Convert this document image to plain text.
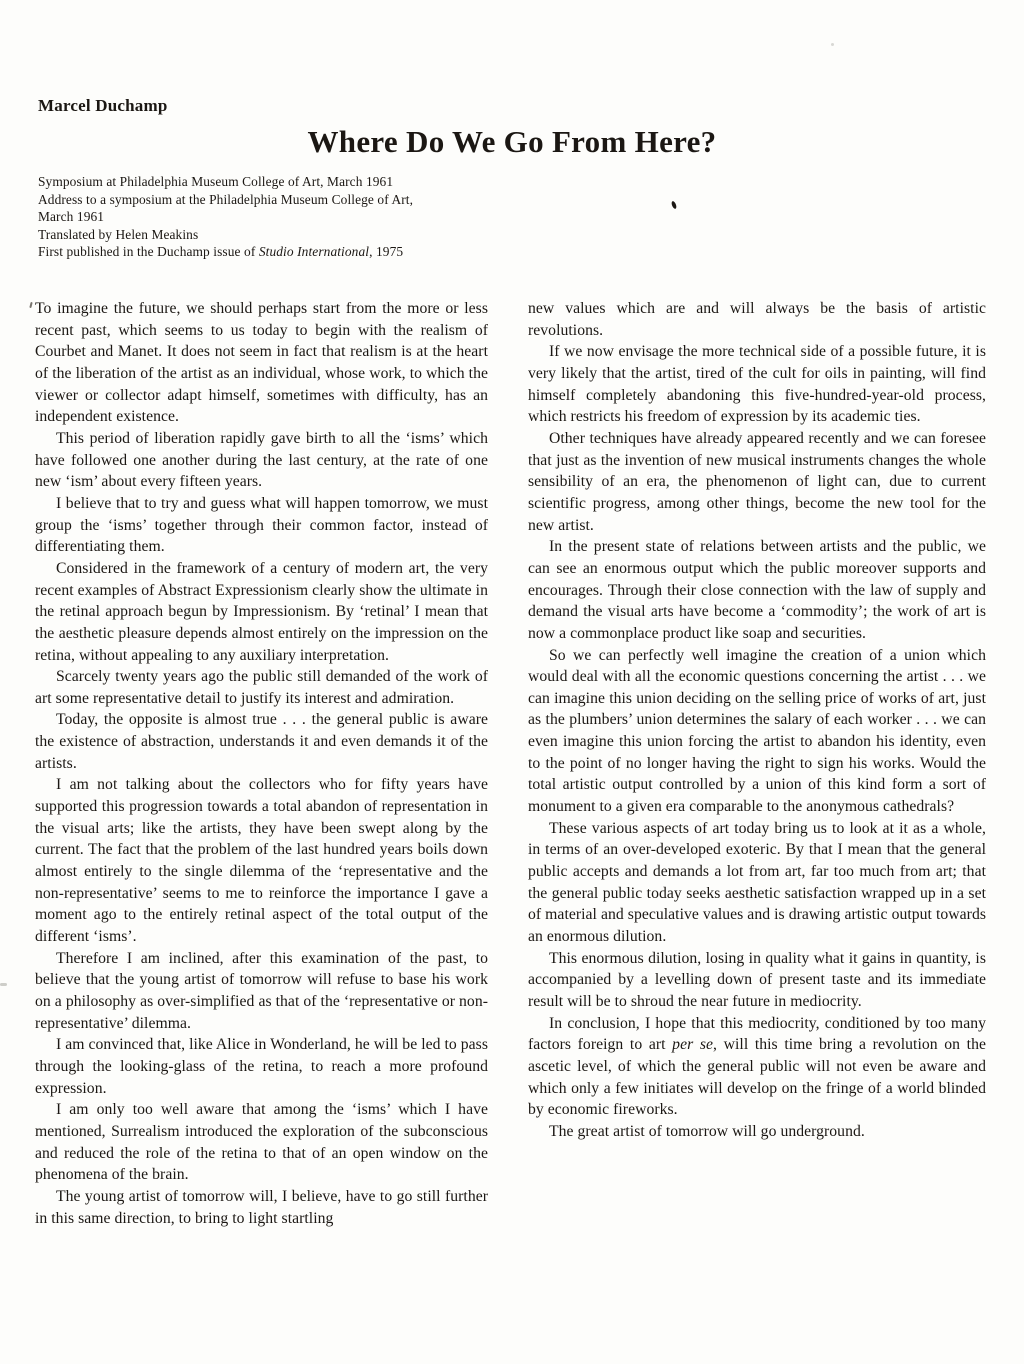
Marcel Duchamp
Where Do We Go From Here?
Symposium at Philadelphia Museum College of Art, March 1961
Address to a symposium at the Philadelphia Museum College of Art,
March 1961
Translated by Helen Meakins
First published in the Duchamp issue of Studio International, 1975

To imagine the future, we should perhaps start from the more or less recent past, which seems to us today to begin with the realism of Courbet and Manet. It does not seem in fact that realism is at the heart of the liberation of the artist as an individual, whose work, to which the viewer or collector adapt himself, sometimes with difficulty, has an independent existence.

This period of liberation rapidly gave birth to all the ‘isms’ which have followed one another during the last century, at the rate of one new ‘ism’ about every fifteen years.

I believe that to try and guess what will happen tomorrow, we must group the ‘isms’ together through their common factor, instead of differentiating them.

Considered in the framework of a century of modern art, the very recent examples of Abstract Expressionism clearly show the ultimate in the retinal approach begun by Impressionism. By ‘retinal’ I mean that the aesthetic pleasure depends almost entirely on the impression on the retina, without appealing to any auxiliary interpretation.

Scarcely twenty years ago the public still demanded of the work of art some representative detail to justify its interest and admiration.

Today, the opposite is almost true . . . the general public is aware the existence of abstraction, understands it and even demands it of the artists.

I am not talking about the collectors who for fifty years have supported this progression towards a total abandon of representation in the visual arts; like the artists, they have been swept along by the current. The fact that the problem of the last hundred years boils down almost entirely to the single dilemma of the ‘representative and the non-representative’ seems to me to reinforce the importance I gave a moment ago to the entirely retinal aspect of the total output of the different ‘isms’.

Therefore I am inclined, after this examination of the past, to believe that the young artist of tomorrow will refuse to base his work on a philosophy as over-simplified as that of the ‘representative or non-representative’ dilemma.

I am convinced that, like Alice in Wonderland, he will be led to pass through the looking-glass of the retina, to reach a more profound expression.

I am only too well aware that among the ‘isms’ which I have mentioned, Surrealism introduced the exploration of the subconscious and reduced the role of the retina to that of an open window on the phenomena of the brain.

The young artist of tomorrow will, I believe, have to go still further in this same direction, to bring to light startling

new values which are and will always be the basis of artistic revolutions.

If we now envisage the more technical side of a possible future, it is very likely that the artist, tired of the cult for oils in painting, will find himself completely abandoning this five-hundred-year-old process, which restricts his freedom of expression by its academic ties.

Other techniques have already appeared recently and we can foresee that just as the invention of new musical instruments changes the whole sensibility of an era, the phenomenon of light can, due to current scientific progress, among other things, become the new tool for the new artist.

In the present state of relations between artists and the public, we can see an enormous output which the public moreover supports and encourages. Through their close connection with the law of supply and demand the visual arts have become a ‘commodity’; the work of art is now a commonplace product like soap and securities.

So we can perfectly well imagine the creation of a union which would deal with all the economic questions concerning the artist . . . we can imagine this union deciding on the selling price of works of art, just as the plumbers’ union determines the salary of each worker . . . we can even imagine this union forcing the artist to abandon his identity, even to the point of no longer having the right to sign his works. Would the total artistic output controlled by a union of this kind form a sort of monument to a given era comparable to the anonymous cathedrals?

These various aspects of art today bring us to look at it as a whole, in terms of an over-developed exoteric. By that I mean that the general public accepts and demands a lot from art, far too much from art; that the general public today seeks aesthetic satisfaction wrapped up in a set of material and speculative values and is drawing artistic output towards an enormous dilution.

This enormous dilution, losing in quality what it gains in quantity, is accompanied by a levelling down of present taste and its immediate result will be to shroud the near future in mediocrity.

In conclusion, I hope that this mediocrity, conditioned by too many factors foreign to art per se, will this time bring a revolution on the ascetic level, of which the general public will not even be aware and which only a few initiates will develop on the fringe of a world blinded by economic fireworks.

The great artist of tomorrow will go underground.
